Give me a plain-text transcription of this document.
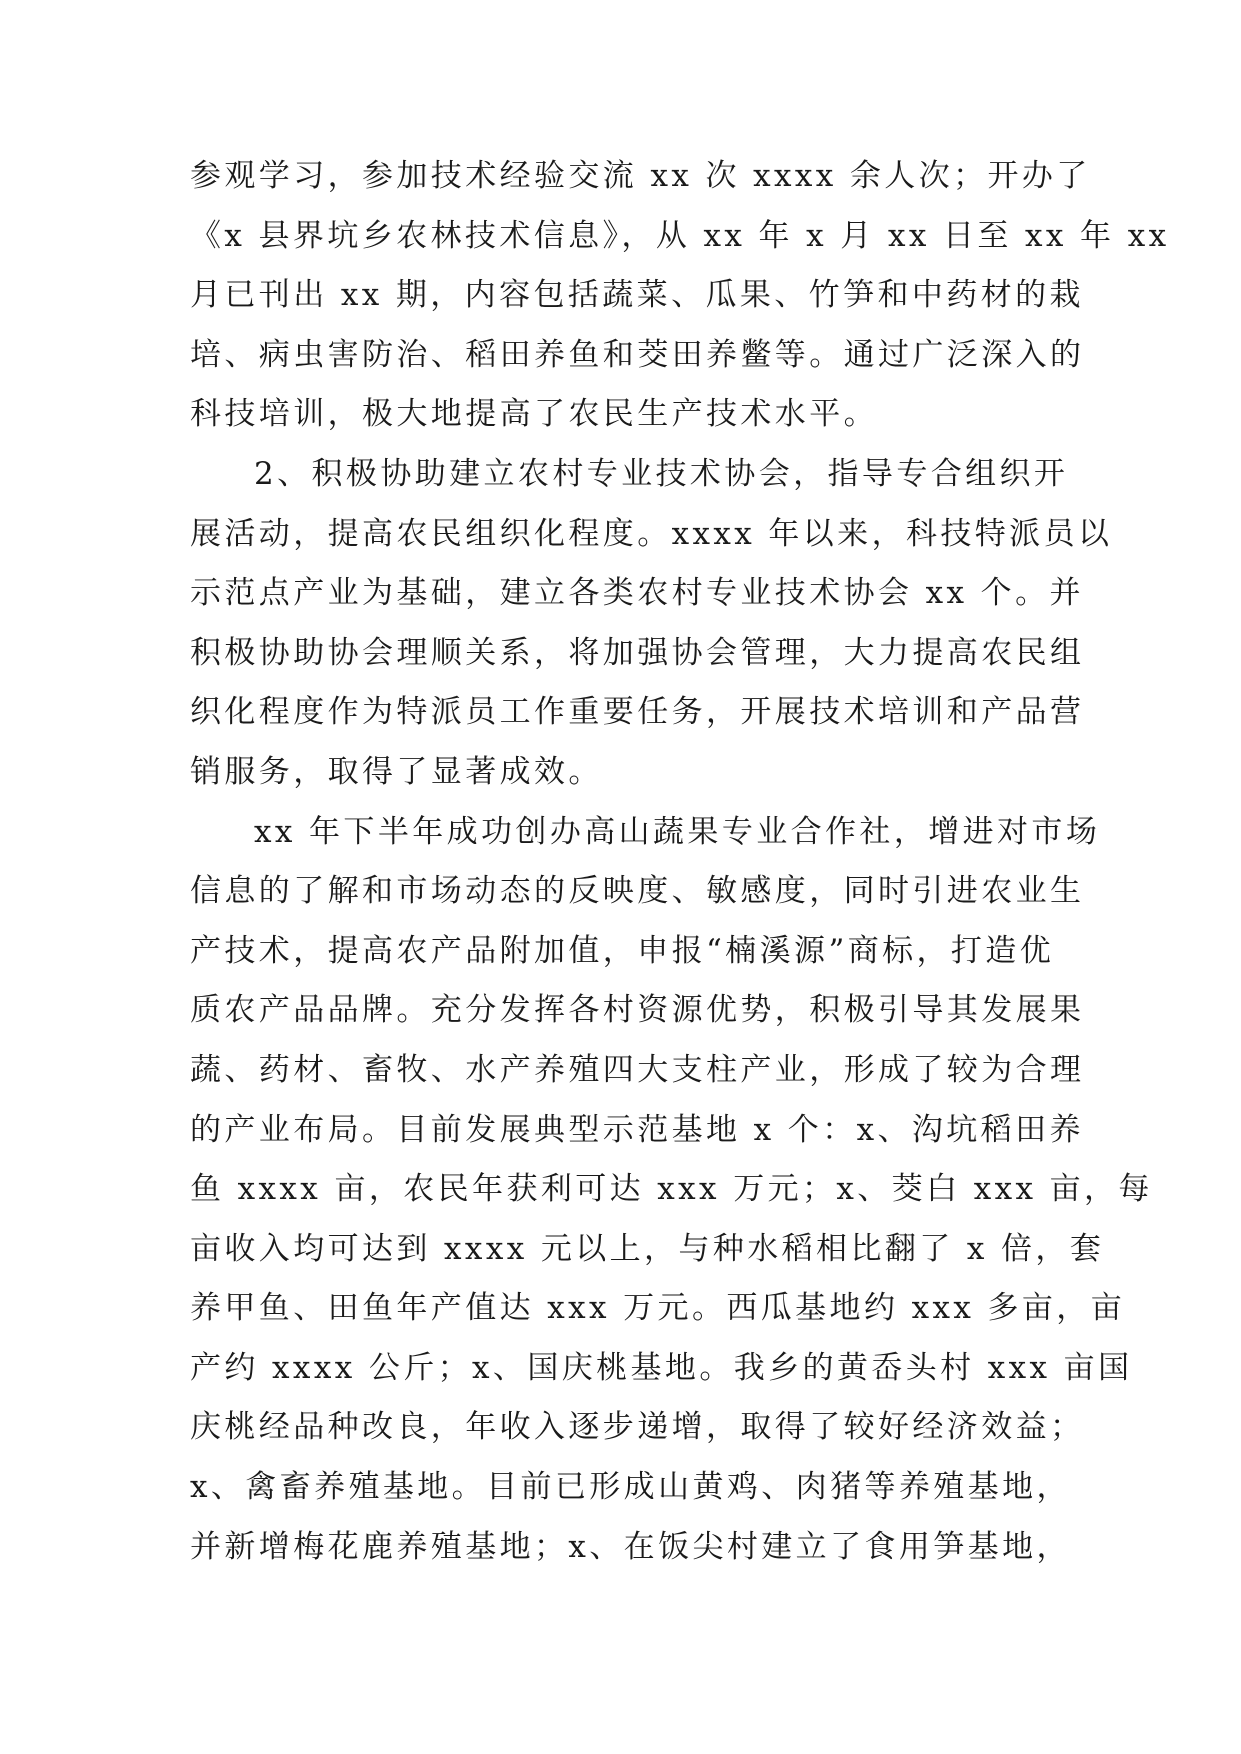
参观学习，参加技术经验交流 xx 次 xxxx 余人次；开办了
《x 县界坑乡农林技术信息》，从 xx 年 x 月 xx 日至 xx 年 xx
月已刊出 xx 期，内容包括蔬菜、瓜果、竹笋和中药材的栽
培、病虫害防治、稻田养鱼和茭田养鳖等。通过广泛深入的
科技培训，极大地提高了农民生产技术水平。
2、积极协助建立农村专业技术协会，指导专合组织开
展活动，提高农民组织化程度。xxxx 年以来，科技特派员以
示范点产业为基础，建立各类农村专业技术协会 xx 个。并
积极协助协会理顺关系，将加强协会管理，大力提高农民组
织化程度作为特派员工作重要任务，开展技术培训和产品营
销服务，取得了显著成效。
xx 年下半年成功创办高山蔬果专业合作社，增进对市场
信息的了解和市场动态的反映度、敏感度，同时引进农业生
产技术，提高农产品附加值，申报“楠溪源”商标，打造优
质农产品品牌。充分发挥各村资源优势，积极引导其发展果
蔬、药材、畜牧、水产养殖四大支柱产业，形成了较为合理
的产业布局。目前发展典型示范基地 x 个：x、沟坑稻田养
鱼 xxxx 亩，农民年获利可达 xxx 万元；x、茭白 xxx 亩，每
亩收入均可达到 xxxx 元以上，与种水稻相比翻了 x 倍，套
养甲鱼、田鱼年产值达 xxx 万元。西瓜基地约 xxx 多亩，亩
产约 xxxx 公斤；x、国庆桃基地。我乡的黄岙头村 xxx 亩国
庆桃经品种改良，年收入逐步递增，取得了较好经济效益；
x、禽畜养殖基地。目前已形成山黄鸡、肉猪等养殖基地，
并新增梅花鹿养殖基地；x、在饭尖村建立了食用笋基地，
